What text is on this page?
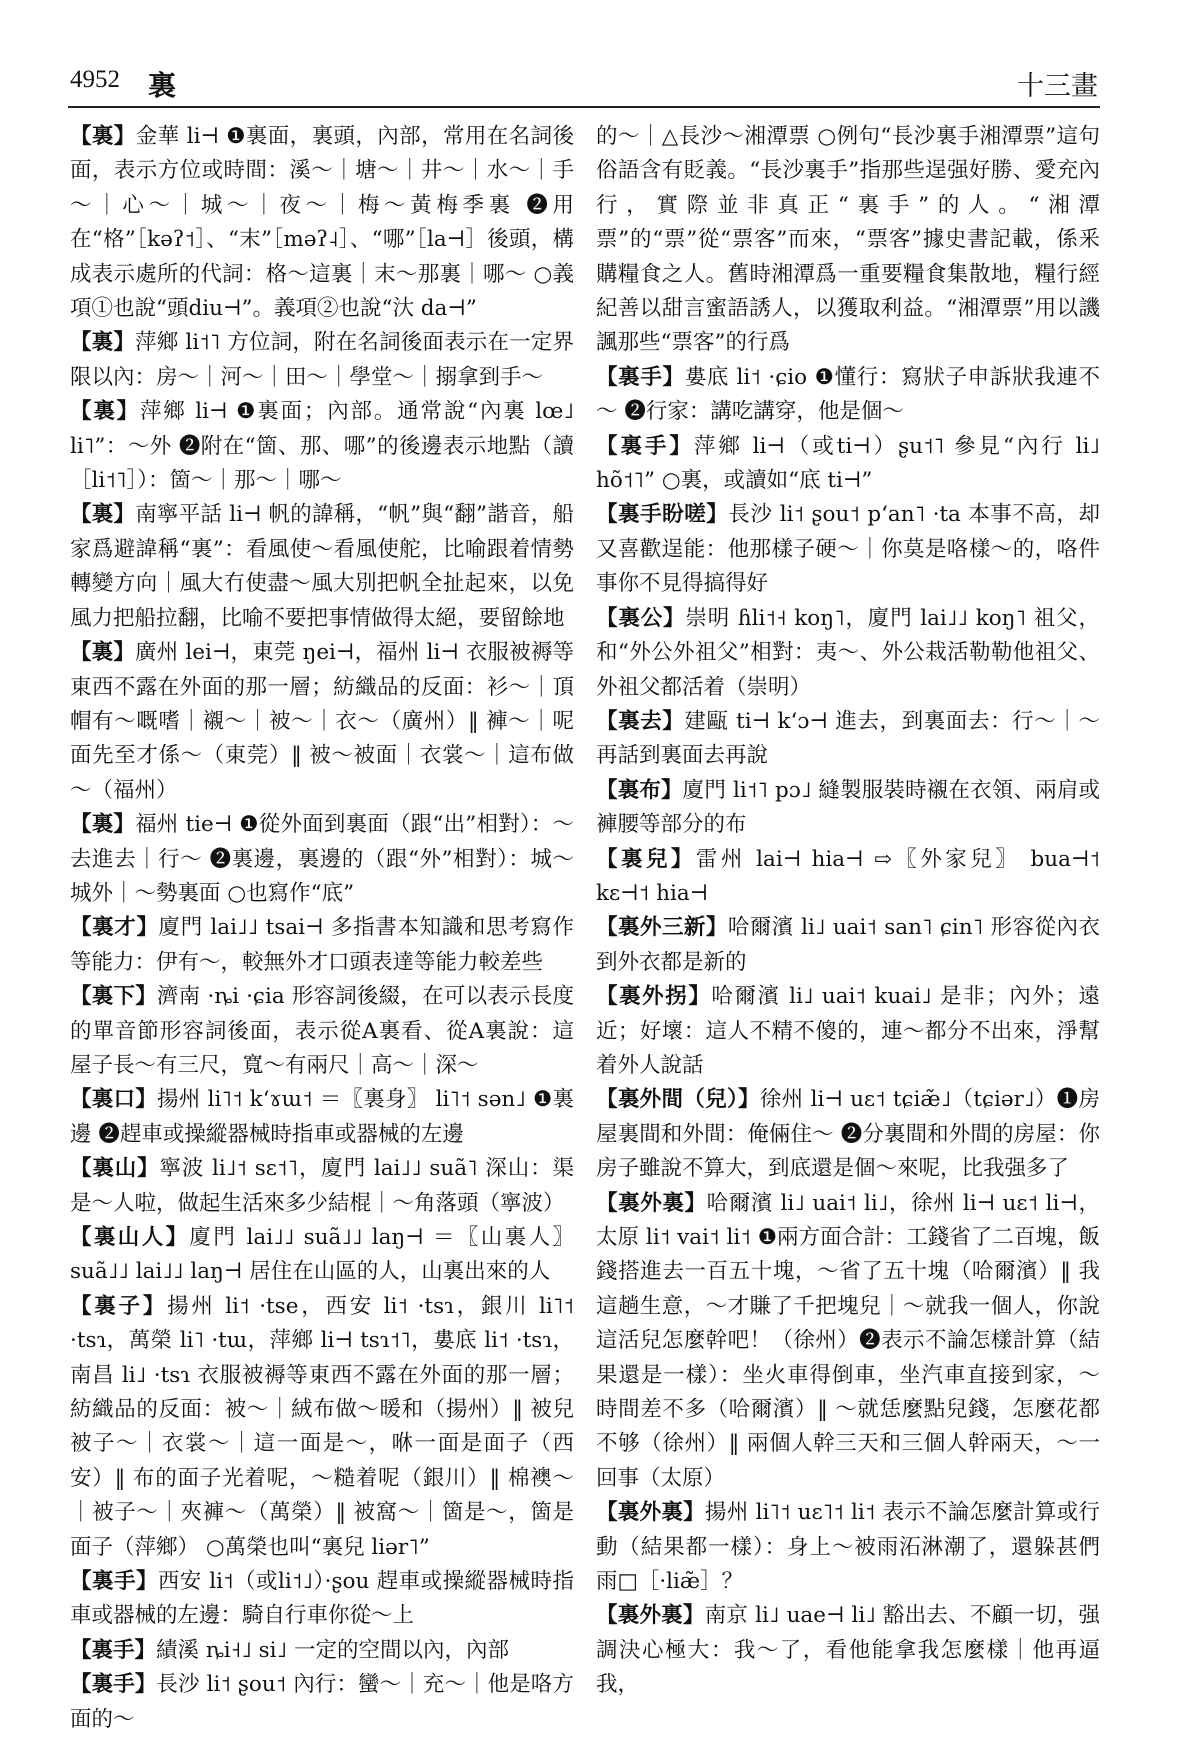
4952 裏	十三畫

【裏】金華 li⊣ ❶裏面，裏頭，內部，常用在名詞後面，表示方位或時間：溪～｜塘～｜井～｜水～｜手～｜心～｜城～｜夜～｜梅～黃梅季裏 ❷用在“格”［kəʔ˦］、“末”［məʔ˨］、“哪”［la⊣］後頭，構成表示處所的代詞：格～這裏｜末～那裏｜哪～ ○義項①也說“頭diu⊣”。義項②也說“汏 da⊣”

【裏】萍鄉 li˦˥ 方位詞，附在名詞後面表示在一定界限以內：房～｜河～｜田～｜學堂～｜搦拿到手～

【裏】萍鄉 li⊣ ❶裏面；內部。通常說“內裏 lœ˩ li˥”：～外 ❷附在“箇、那、哪”的後邊表示地點（讀［li˦˥］）：箇～｜那～｜哪～

【裏】南寧平話 li⊣ 帆的諱稱，“帆”與“翻”諧音，船家爲避諱稱“裏”：看風使～看風使舵，比喻跟着情勢轉變方向｜風大冇使盡～風大別把帆全扯起來，以免風力把船拉翻，比喻不要把事情做得太絕，要留餘地

【裏】廣州 lei⊣，東莞 ŋei⊣，福州 li⊣ 衣服被褥等東西不露在外面的那一層；紡織品的反面：衫～｜頂帽有～嘅嗜｜襯～｜被～｜衣～（廣州）‖ 褲～｜呢面先至才係～（東莞）‖ 被～被面｜衣裳～｜這布做～（福州）

【裏】福州 tie⊣ ❶從外面到裏面（跟“出”相對）：～去進去｜行～ ❷裏邊，裏邊的（跟“外”相對）：城～城外｜～勢裏面 ○也寫作“底”

【裏才】廈門 lai˩˩ tsai⊣ 多指書本知識和思考寫作等能力：伊有～，較無外才口頭表達等能力較差些

【裏下】濟南 ·ȵi ·ɕia 形容詞後綴，在可以表示長度的單音節形容詞後面，表示從A裏看、從A裏說：這屋子長～有三尺，寬～有兩尺｜高～｜深～

【裏口】揚州 li˥˦ kʻɤɯ˦ ＝〖裏身〗 li˥˦ sən˩ ❶裏邊 ❷趕車或操縱器械時指車或器械的左邊

【裏山】寧波 li˩˦ sɛ˦˥，廈門 lai˩˩ suã˥ 深山：渠是～人啦，做起生活來多少結棍｜～角落頭（寧波）

【裏山人】廈門 lai˩˩ suã˩˩ laŋ⊣ ＝〖山裏人〗 suã˩˩ lai˩˩ laŋ⊣ 居住在山區的人，山裏出來的人

【裏子】揚州 li˦ ·tse，西安 li˦ ·tsɿ，銀川 li˥˦ ·tsɿ，萬榮 li˥ ·tɯ，萍鄉 li⊣ tsɿ˦˥，婁底 li˦ ·tsɿ，南昌 li˩ ·tsɿ 衣服被褥等東西不露在外面的那一層；紡織品的反面：被～｜絨布做～暖和（揚州）‖ 被兒被子～｜衣裳～｜這一面是～，咻一面是面子（西安）‖ 布的面子光着呢，～糙着呢（銀川）‖ 棉襖～｜被子～｜夾褲～（萬榮）‖ 被窩～｜箇是～，箇是面子（萍鄉） ○萬榮也叫“裏兒 liər˥”

【裏手】西安 li˦（或li˦˩）·ʂou 趕車或操縱器械時指車或器械的左邊：騎自行車你從～上

【裏手】績溪 ȵi˧˩ si˩ 一定的空間以內，內部

【裏手】長沙 li˦ ʂou˦ 內行：蠻～｜充～｜他是咯方面的～

的～｜△長沙～湘潭票 ○例句“長沙裏手湘潭票”這句俗語含有貶義。“長沙裏手”指那些逞强好勝、愛充內行，實際並非真正“裏手”的人。“湘潭票”的“票”從“票客”而來，“票客”據史書記載，係釆購糧食之人。舊時湘潭爲一重要糧食集散地，糧行經紀善以甜言蜜語誘人，以獲取利益。“湘潭票”用以譏諷那些“票客”的行爲

【裏手】婁底 li˦ ·ɕio ❶懂行：寫狀子申訴狀我連不～ ❷行家：講吃講穿，他是個～

【裏手】萍鄉 li⊣（或ti⊣）ʂu˦˥ 參見“內行 li˩ hõ˦˥” ○裏，或讀如“底 ti⊣”

【裏手盼嗟】長沙 li˦ ʂou˦ pʻan˥ ·ta 本事不高，却又喜歡逞能：他那樣子硬～｜你莫是咯樣～的，咯件事你不見得搞得好

【裏公】崇明 ɦli˦˧ koŋ˥，廈門 lai˩˩ koŋ˥ 祖父，和“外公外祖父”相對：夷～、外公栽活勒勒他祖父、外祖父都活着（崇明）

【裏去】建甌 ti⊣ kʻɔ⊣ 進去，到裏面去：行～｜～再話到裏面去再說

【裏布】廈門 li˦˥ pɔ˩ 縫製服裝時襯在衣領、兩肩或褲腰等部分的布

【裏兒】雷州 lai⊣ hia⊣ ⇨〖外家兒〗 bua⊣˦ kɛ⊣˦ hia⊣

【裏外三新】哈爾濱 li˩ uai˦ san˥ ɕin˥ 形容從內衣到外衣都是新的

【裏外拐】哈爾濱 li˩ uai˦ kuai˩ 是非；內外；遠近；好壞：這人不精不傻的，連～都分不出來，淨幫着外人說話

【裏外間（兒）】徐州 li⊣ uɛ˦ tɕiæ̃˩（tɕiər˩）❶房屋裏間和外間：俺倆住～ ❷分裏間和外間的房屋：你房子雖說不算大，到底還是個～來呢，比我强多了

【裏外裏】哈爾濱 li˩ uai˦ li˩，徐州 li⊣ uɛ˦ li⊣，太原 li˦ vai˦ li˦ ❶兩方面合計：工錢省了二百塊，飯錢搭進去一百五十塊，～省了五十塊（哈爾濱）‖ 我這趟生意，～才賺了千把塊兒｜～就我一個人，你說這活兒怎麼幹吧！（徐州）❷表示不論怎樣計算（結果還是一樣）：坐火車得倒車，坐汽車直接到家，～時間差不多（哈爾濱）‖ ～就恁麼點兒錢，怎麼花都不够（徐州）‖ 兩個人幹三天和三個人幹兩天，～一回事（太原）

【裏外裏】揚州 li˥˦ uɛ˥˦ li˦ 表示不論怎麼計算或行動（結果都一樣）：身上～被雨沰淋潮了，還躲甚們雨□［·liæ̃］？

【裏外裏】南京 li˩ uae⊣ li˩ 豁出去、不顧一切，强調決心極大：我～了，看他能拿我怎麼樣｜他再逼我，
